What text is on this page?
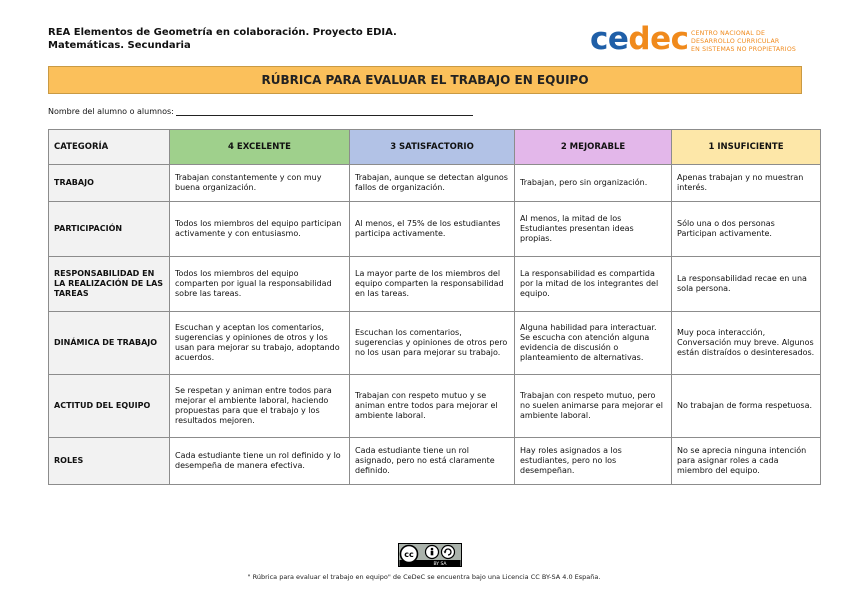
REA Elementos de Geometría en colaboración. Proyecto EDIA.
Matemáticas. Secundaria	cedec CENTRO NACIONAL DE
DESARROLLO CURRICULAR
EN SISTEMAS NO PROPIETARIOS
RÚBRICA PARA EVALUAR EL TRABAJO EN EQUIPO
Nombre del alumno o alumnos:
CATEGORÍA	4 EXCELENTE	3 SATISFACTORIO	2 MEJORABLE	1 INSUFICIENTE
TRABAJO	Trabajan constantemente y con muy buena organización.	Trabajan, aunque se detectan algunos fallos de organización.	Trabajan, pero sin organización.	Apenas trabajan y no muestran interés.
PARTICIPACIÓN	Todos los miembros del equipo participan activamente y con entusiasmo.	Al menos, el 75% de los estudiantes participa activamente.	Al menos, la mitad de los Estudiantes presentan ideas propias.	Sólo una o dos personas Participan activamente.
RESPONSABILIDAD EN LA REALIZACIÓN DE LAS TAREAS	Todos los miembros del equipo comparten por igual la responsabilidad sobre las tareas.	La mayor parte de los miembros del equipo comparten la responsabilidad en las tareas.	La responsabilidad es compartida por la mitad de los integrantes del equipo.	La responsabilidad recae en una sola persona.
DINÁMICA DE TRABAJO	Escuchan y aceptan los comentarios, sugerencias y opiniones de otros y los usan para mejorar su trabajo, adoptando acuerdos.	Escuchan los comentarios, sugerencias y opiniones de otros pero no los usan para mejorar su trabajo.	Alguna habilidad para interactuar. Se escucha con atención alguna evidencia de discusión o planteamiento de alternativas.	Muy poca interacción, Conversación muy breve. Algunos están distraídos o desinteresados.
ACTITUD DEL EQUIPO	Se respetan y animan entre todos para mejorar el ambiente laboral, haciendo propuestas para que el trabajo y los resultados mejoren.	Trabajan con respeto mutuo y se animan entre todos para mejorar el ambiente laboral.	Trabajan con respeto mutuo, pero no suelen animarse para mejorar el ambiente laboral.	No trabajan de forma respetuosa.
ROLES	Cada estudiante tiene un rol definido y lo desempeña de manera efectiva.	Cada estudiante tiene un rol asignado, pero no está claramente definido.	Hay roles asignados a los estudiantes, pero no los desempeñan.	No se aprecia ninguna intención para asignar roles a cada miembro del equipo.
cc
BY SA
" Rúbrica para evaluar el trabajo en equipo" de CeDeC se encuentra bajo una Licencia CC BY-SA 4.0 España.
